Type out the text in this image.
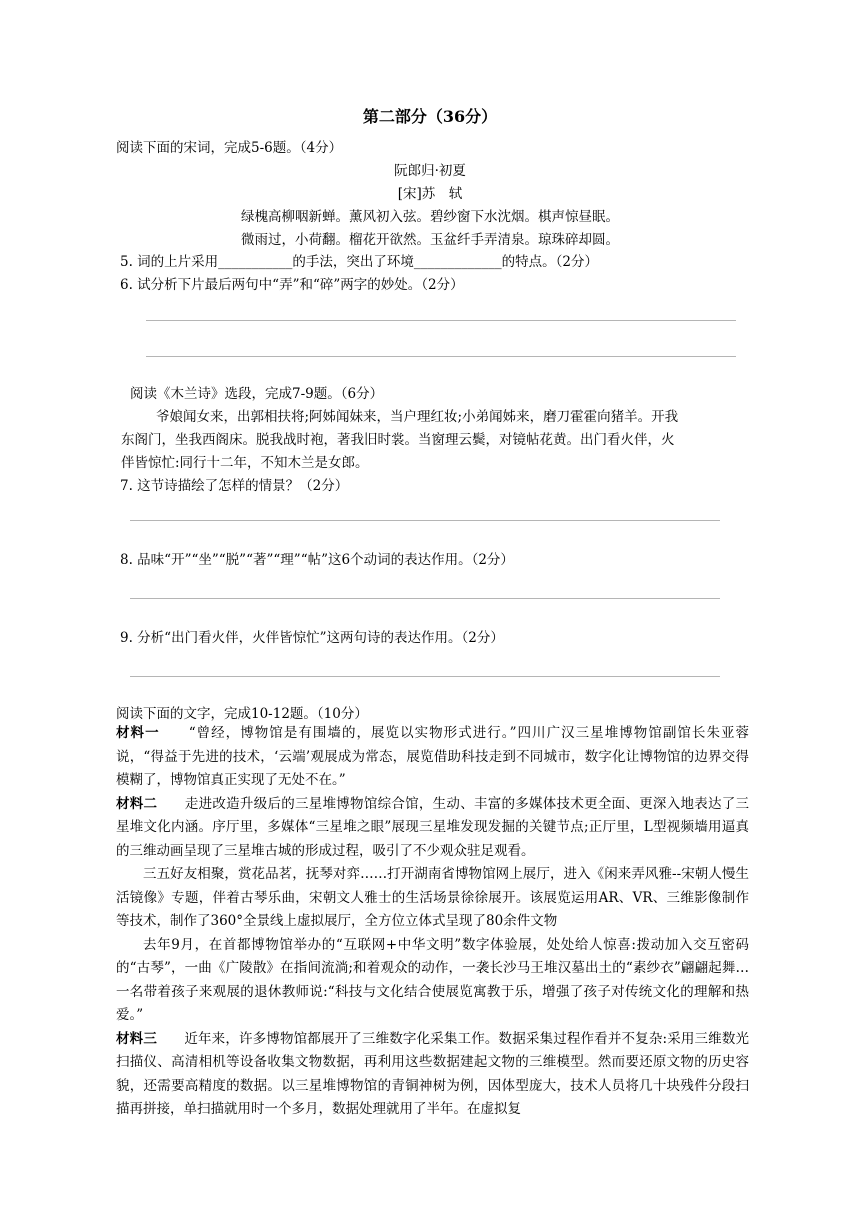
第二部分（36分）
阅读下面的宋词，完成5-6题。（4分）
阮郎归·初夏
[宋]苏　轼
绿槐高柳咽新蝉。薰风初入弦。碧纱窗下水沈烟。棋声惊昼眠。
微雨过，小荷翻。榴花开欲然。玉盆纤手弄清泉。琼珠碎却圆。
5. 词的上片采用___________的手法，突出了环境_____________的特点。（2分）
6. 试分析下片最后两句中“弄”和“碎”两字的妙处。（2分）
阅读《木兰诗》选段，完成7-9题。（6分）
爷娘闻女来，出郭相扶将;阿姊闻妹来，当户理红妆;小弟闻姊来，磨刀霍霍向猪羊。开我
东阁门，坐我西阁床。脱我战时袍，著我旧时裳。当窗理云鬓，对镜帖花黄。出门看火伴，火
伴皆惊忙:同行十二年，不知木兰是女郎。
7. 这节诗描绘了怎样的情景？（2分）
8. 品味“开”“坐”“脱”“著”“理”“帖”这6个动词的表达作用。（2分）
9. 分析“出门看火伴，火伴皆惊忙”这两句诗的表达作用。（2分）
阅读下面的文字，完成10-12题。（10分）

材料一　　 “曾经，博物馆是有围墙的，展览以实物形式进行。”四川广汉三星堆博物馆副馆长朱亚蓉说，“得益于先进的技术，‘云端’观展成为常态，展览借助科技走到不同城市，数字化让博物馆的边界交得模糊了，博物馆真正实现了无处不在。”

材料二　　 走进改造升级后的三星堆博物馆综合馆，生动、丰富的多媒体技术更全面、更深入地表达了三星堆文化内涵。序厅里，多媒体“三星堆之眼”展现三星堆发现发掘的关键节点;正厅里，L型视频墙用逼真的三维动画呈现了三星堆古城的形成过程，吸引了不少观众驻足观看。

三五好友相聚，赏花品茗，抚琴对弈……打开湖南省博物馆网上展厅，进入《闲来弄风雅--宋朝人慢生活镜像》专题，伴着古琴乐曲，宋朝文人雅士的生活场景徐徐展开。该展览运用AR、VR、三维影像制作等技术，制作了360°全景线上虚拟展厅，全方位立体式呈现了80余件文物

去年9月，在首都博物馆举办的“互联网+中华文明”数字体验展，处处给人惊喜:拨动加入交互密码的“古琴”，一曲《广陵散》在指间流淌;和着观众的动作，一袭长沙马王堆汉墓出土的“素纱衣”翩翩起舞…一名带着孩子来观展的退休教师说:“科技与文化结合使展览寓教于乐，增强了孩子对传统文化的理解和热爱。”

材料三　　 近年来，许多博物馆都展开了三维数字化采集工作。数据采集过程作看并不复杂:采用三维数光扫描仪、高清相机等设备收集文物数据，再利用这些数据建起文物的三维模型。然而要还原文物的历史容貌，还需要高精度的数据。以三星堆博物馆的青铜神树为例，因体型庞大，技术人员将几十块残件分段扫描再拼接，单扫描就用时一个多月，数据处理就用了半年。在虚拟复
